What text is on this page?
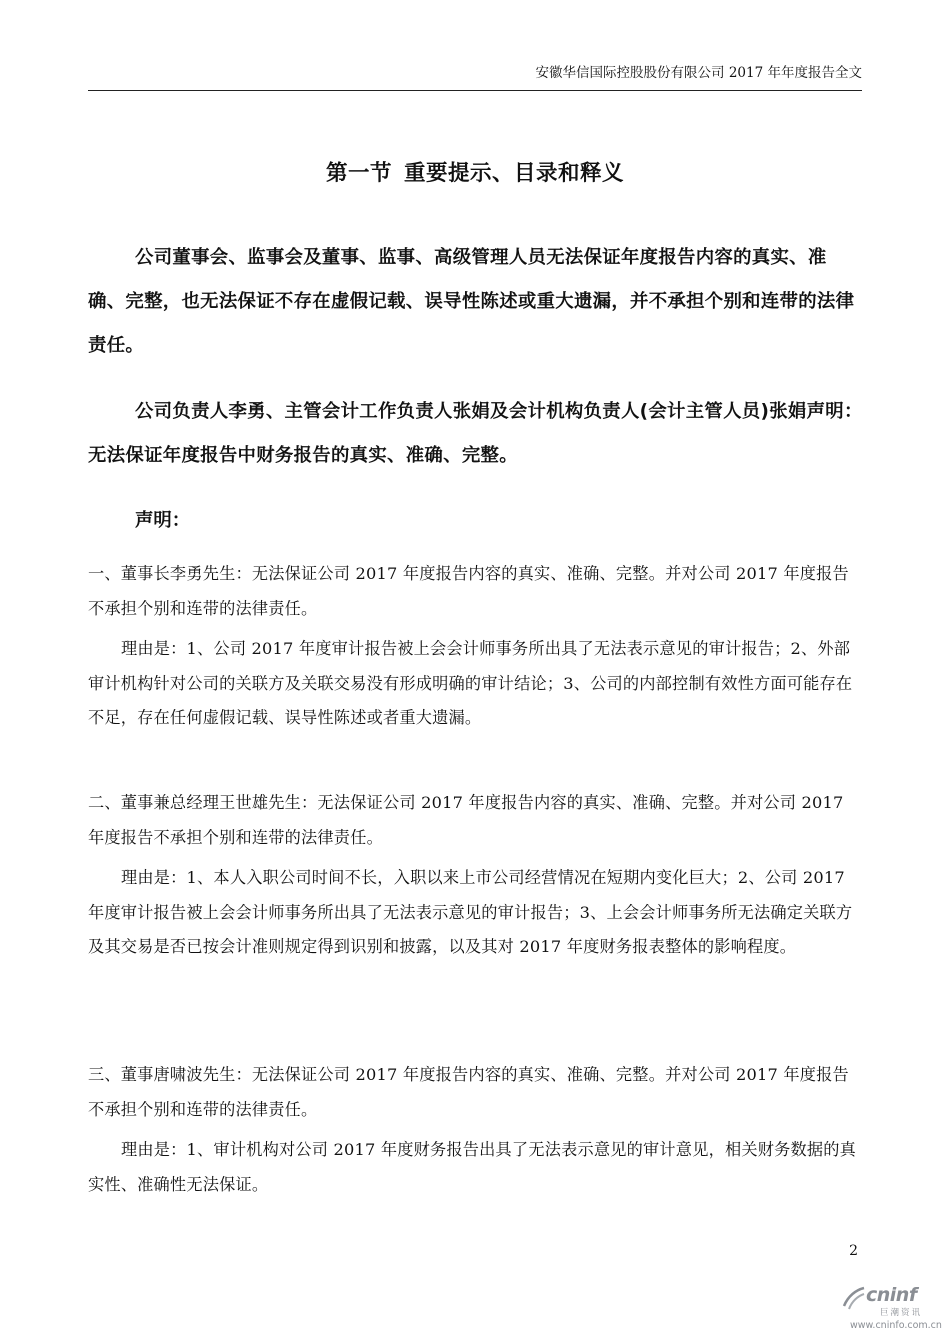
安徽华信国际控股股份有限公司 2017 年年度报告全文
第一节 重要提示、目录和释义
公司董事会、监事会及董事、监事、高级管理人员无法保证年度报告内容的真实、准确、完整，也无法保证不存在虚假记载、误导性陈述或重大遗漏，并不承担个别和连带的法律责任。
公司负责人李勇、主管会计工作负责人张娟及会计机构负责人(会计主管人员)张娟声明：无法保证年度报告中财务报告的真实、准确、完整。
声明：
一、董事长李勇先生：无法保证公司 2017 年度报告内容的真实、准确、完整。并对公司 2017 年度报告不承担个别和连带的法律责任。
理由是：1、公司 2017 年度审计报告被上会会计师事务所出具了无法表示意见的审计报告；2、外部审计机构针对公司的关联方及关联交易没有形成明确的审计结论；3、公司的内部控制有效性方面可能存在不足，存在任何虚假记载、误导性陈述或者重大遗漏。
二、董事兼总经理王世雄先生：无法保证公司 2017 年度报告内容的真实、准确、完整。并对公司 2017 年度报告不承担个别和连带的法律责任。
理由是：1、本人入职公司时间不长，入职以来上市公司经营情况在短期内变化巨大；2、公司 2017 年度审计报告被上会会计师事务所出具了无法表示意见的审计报告；3、上会会计师事务所无法确定关联方及其交易是否已按会计准则规定得到识别和披露，以及其对 2017 年度财务报表整体的影响程度。
三、董事唐啸波先生：无法保证公司 2017 年度报告内容的真实、准确、完整。并对公司 2017 年度报告不承担个别和连带的法律责任。
理由是：1、审计机构对公司 2017 年度财务报告出具了无法表示意见的审计意见，相关财务数据的真实性、准确性无法保证。
2
cninf
巨潮资讯
www.cninfo.com.cn
